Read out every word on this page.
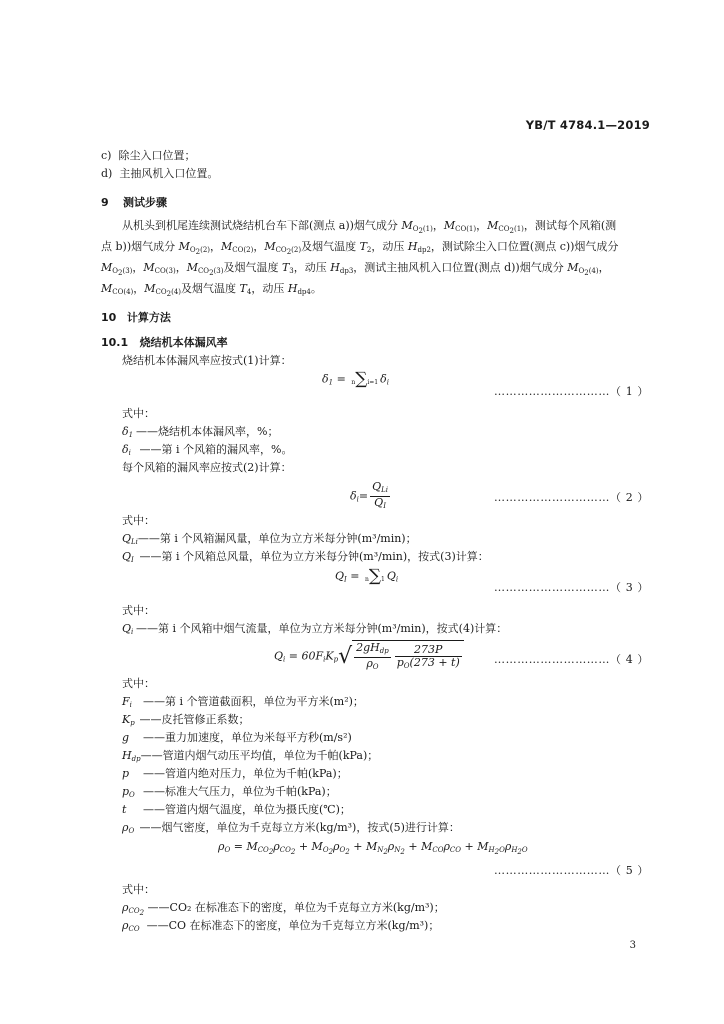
YB/T 4784.1—2019
c) 除尘入口位置；
d) 主抽风机入口位置。
9 测试步骤
从机头到机尾连续测试烧结机台车下部(测点 a))烟气成分 $M_{O_2(1)}$，$M_{CO(1)}$，$M_{CO_2(1)}$，测试每个风箱(测
点 b))烟气成分 $M_{O_2(2)}$，$M_{CO(2)}$，$M_{CO_2(2)}$及烟气温度 $T_2$，动压 $H_{dp2}$，测试除尘入口位置(测点 c))烟气成分
$M_{O_2(3)}$，$M_{CO(3)}$，$M_{CO_2(3)}$及烟气温度 $T_3$，动压 $H_{dp3}$，测试主抽风机入口位置(测点 d))烟气成分 $M_{O_2(4)}$，
$M_{CO(4)}$，$M_{CO_2(4)}$及烟气温度 $T_4$，动压 $H_{dp4}$。
10 计算方法
10.1 烧结机本体漏风率
烧结机本体漏风率应按式(1)计算：
$\delta_1 = n\sum i=1$ $\delta_i$
…………………………（ 1 ）
式中：
$\delta_1$ ——烧结机本体漏风率，%；
$\delta_i$ ——第 i 个风箱的漏风率，%。
每个风箱的漏风率应按式(2)计算：
$\delta_i= \frac{Q_{Li}}{Q_I}$	…………………………（ 2 ）
式中：
$Q_{Li}——$第 i 个风箱漏风量，单位为立方米每分钟(m³/min)；
$Q_I$ ——第 i 个风箱总风量，单位为立方米每分钟(m³/min)，按式(3)计算：
$Q_I = n\sum 1$ $Q_i$
…………………………（ 3 ）
式中：
$Q_i$ ——第 i 个风箱中烟气流量，单位为立方米每分钟(m³/min)，按式(4)计算：
$Q_i = 60F_iK_p√ \frac{2gH_{dp}}{\rho_O} \frac{273P}{p_O(273 + t)}$	…………………………（ 4 ）
式中：
$F_i$ ——第 i 个管道截面积，单位为平方米(m²)；
$K_p$ ——皮托管修正系数；
g ——重力加速度，单位为米每平方秒(m/s²)
$H_{dp}——$管道内烟气动压平均值，单位为千帕(kPa)；
p ——管道内绝对压力，单位为千帕(kPa)；
$p_O$ ——标准大气压力，单位为千帕(kPa)；
t ——管道内烟气温度，单位为摄氏度(℃)；
$\rho_O$ ——烟气密度，单位为千克每立方米(kg/m³)，按式(5)进行计算：
$\rho_O = M_{CO_2}\rho_{CO_2} + M_{O_2}\rho_{O_2} + M_{N_2}\rho_{N_2} + M_{CO}\rho_{CO} + M_{H_2O}\rho_{H_2O}$
…………………………（ 5 ）
式中：
$\rho_{CO_2}$ ——CO₂ 在标准态下的密度，单位为千克每立方米(kg/m³)；
$\rho_{CO}$ ——CO 在标准态下的密度，单位为千克每立方米(kg/m³)；
3
